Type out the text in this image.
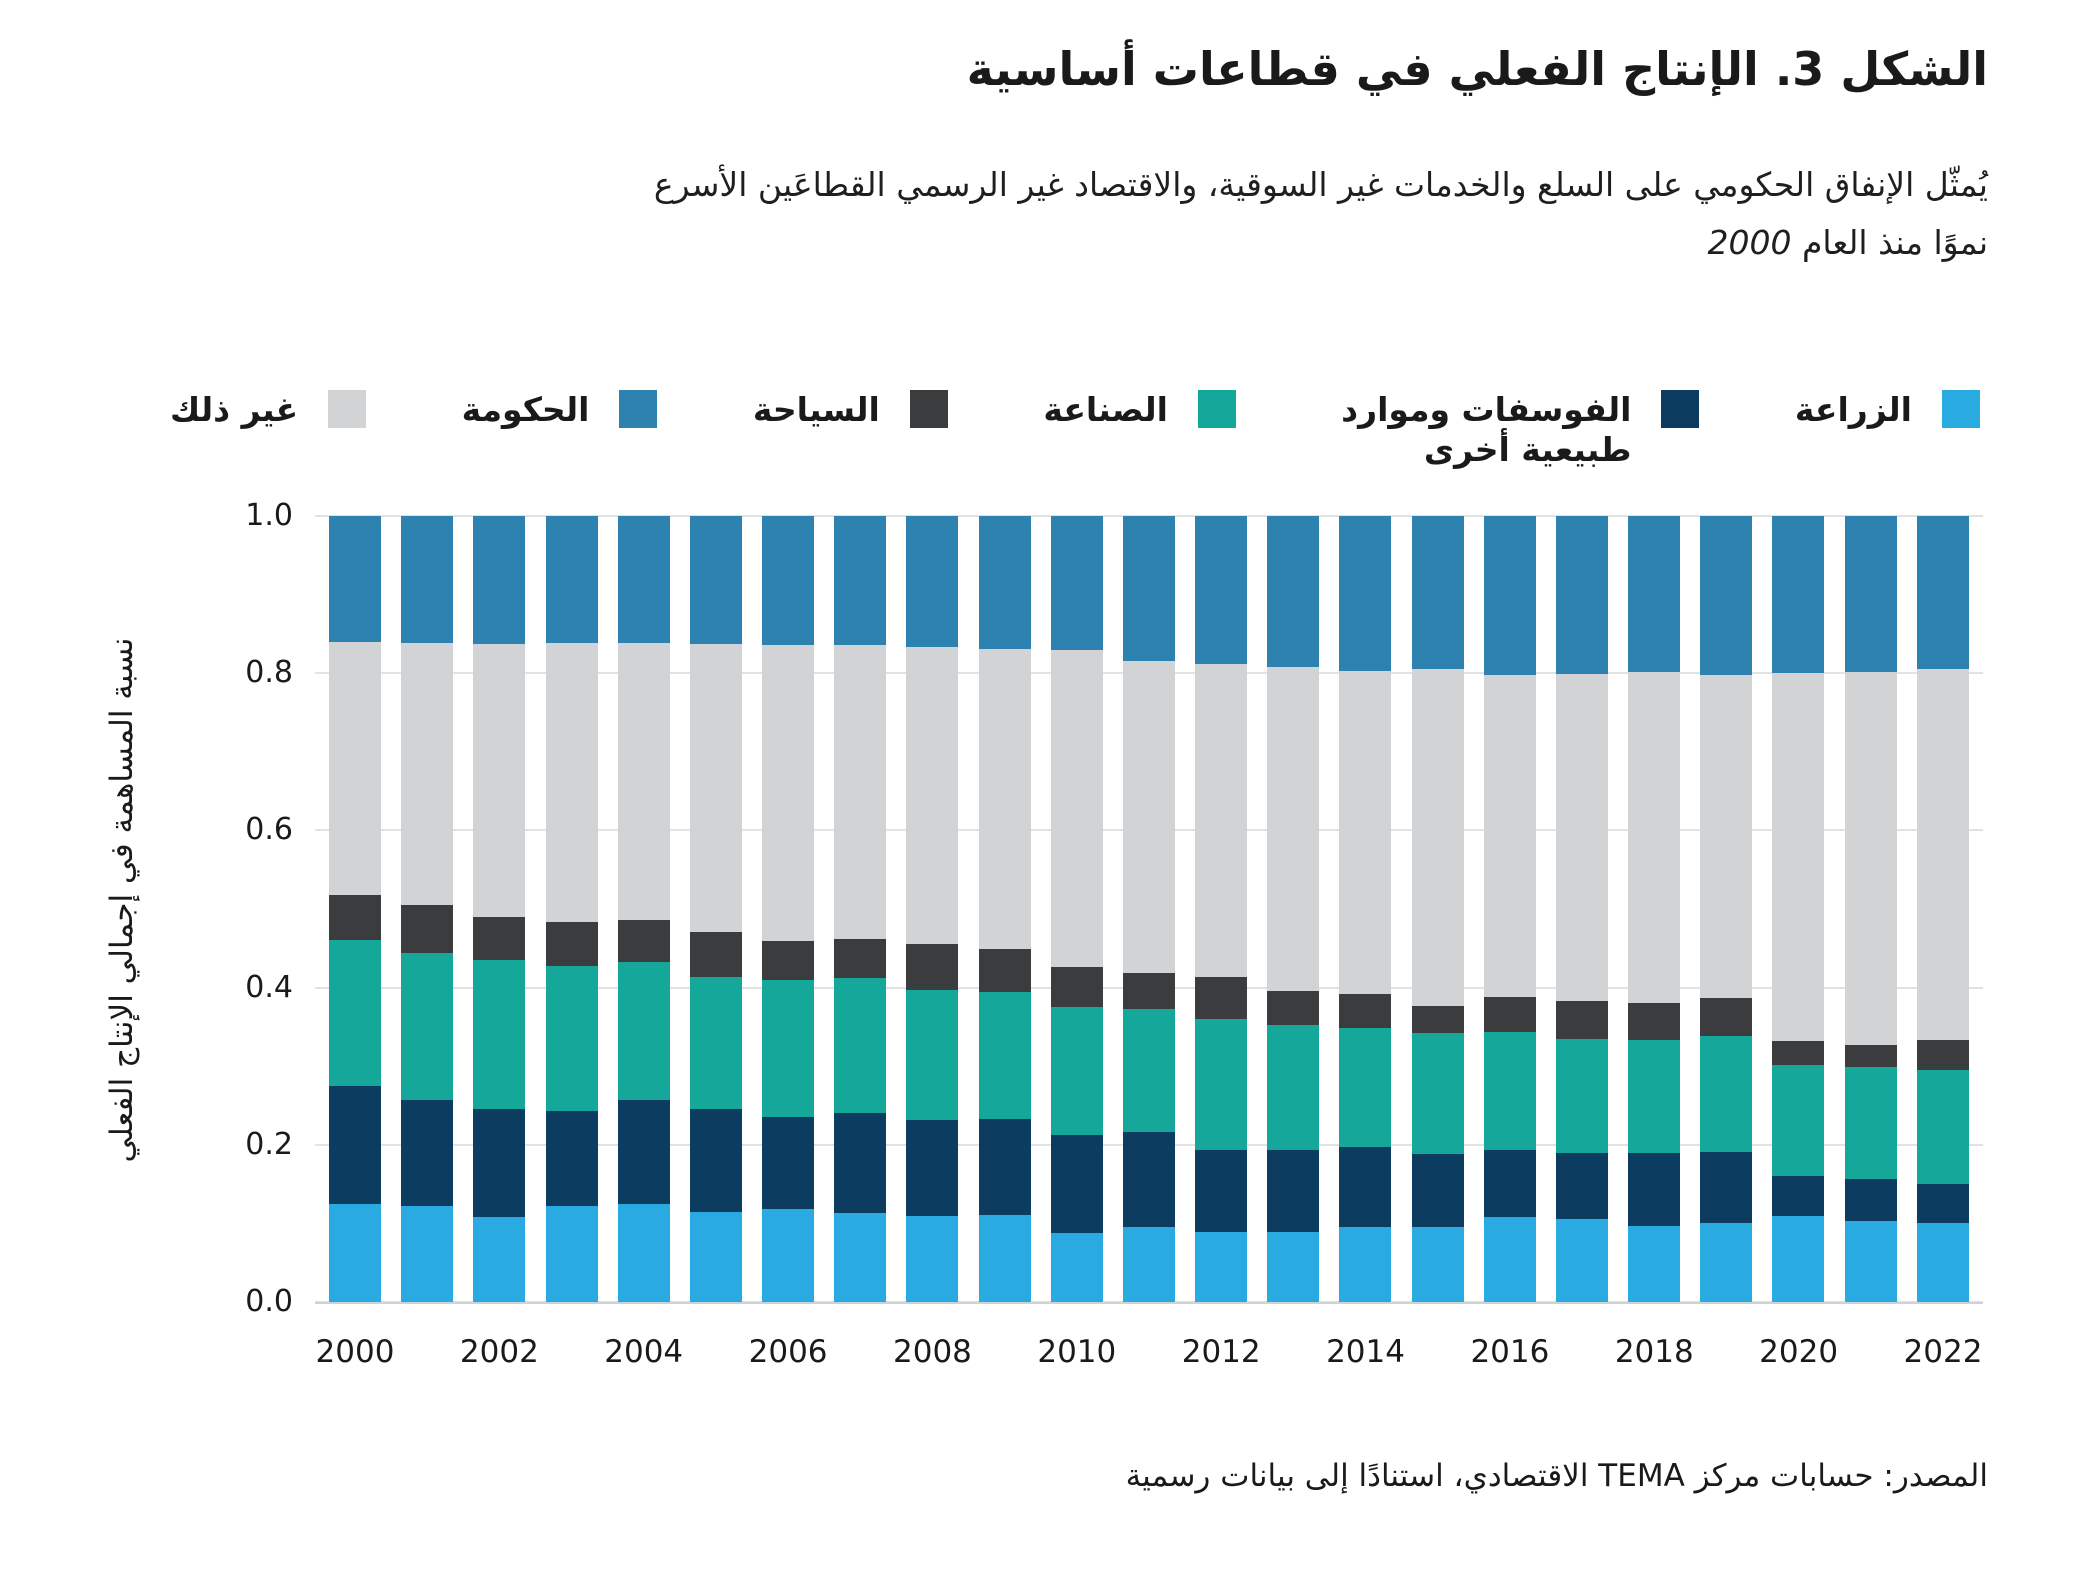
الشكل 3. الإنتاج الفعلي في قطاعات أساسية
يُمثّل الإنفاق الحكومي على السلع والخدمات غير السوقية، والاقتصاد غير الرسمي القطاعَين الأسرع
نموًا منذ العام 2000
الزراعة
الفوسفات وموارد طبيعية أخرى
الصناعة
السياحة
الحكومة
غير ذلك
نسبة المساهمة في إجمالي الإنتاج الفعلي
1.0
0.8
0.6
0.4
0.2
0.0
2000 2002 2004 2006 2008 2010 2012 2014 2016 2018 2020 2022
المصدر: حسابات مركز TEMA الاقتصادي، استنادًا إلى بيانات رسمية
